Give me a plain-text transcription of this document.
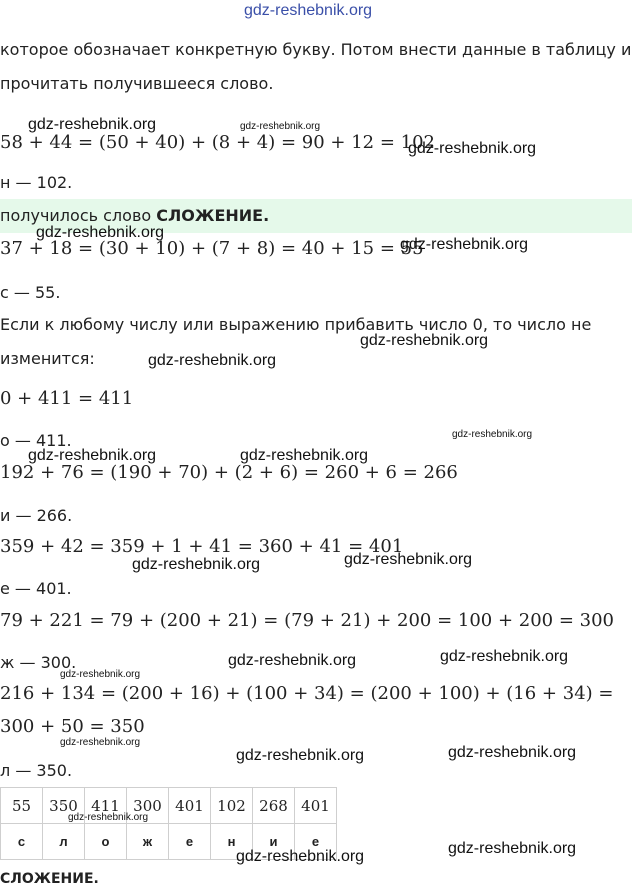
gdz-reshebnik.org
которое обозначает конкретную букву. Потом внести данные в таблицу и
прочитать получившееся слово.
gdz-reshebnik.org	gdz-reshebnik.org
58 + 44 = (50 + 40) + (8 + 4) = 90 + 12 = 102
gdz-reshebnik.org
н — 102.
получилось слово СЛОЖЕНИЕ.
gdz-reshebnik.org
37 + 18 = (30 + 10) + (7 + 8) = 40 + 15 = 55
gdz-reshebnik.org
с — 55.
Если к любому числу или выражению прибавить число 0, то число не
gdz-reshebnik.org
изменится:	gdz-reshebnik.org
0 + 411 = 411
о — 411.	gdz-reshebnik.org
gdz-reshebnik.org	gdz-reshebnik.org
192 + 76 = (190 + 70) + (2 + 6) = 260 + 6 = 266
и — 266.
359 + 42 = 359 + 1 + 41 = 360 + 41 = 401
gdz-reshebnik.org	gdz-reshebnik.org
е — 401.
79 + 221 = 79 + (200 + 21) = (79 + 21) + 200 = 100 + 200 = 300
ж — 300.	gdz-reshebnik.org	gdz-reshebnik.org
gdz-reshebnik.org
216 + 134 = (200 + 16) + (100 + 34) = (200 + 100) + (16 + 34) =
300 + 50 = 350
gdz-reshebnik.org
gdz-reshebnik.org	gdz-reshebnik.org
л — 350.
55	350	411	300	401	102	268	401
с	л	о	ж	е	н	и	е
gdz-reshebnik.org
gdz-reshebnik.org	gdz-reshebnik.org
СЛОЖЕНИЕ.
